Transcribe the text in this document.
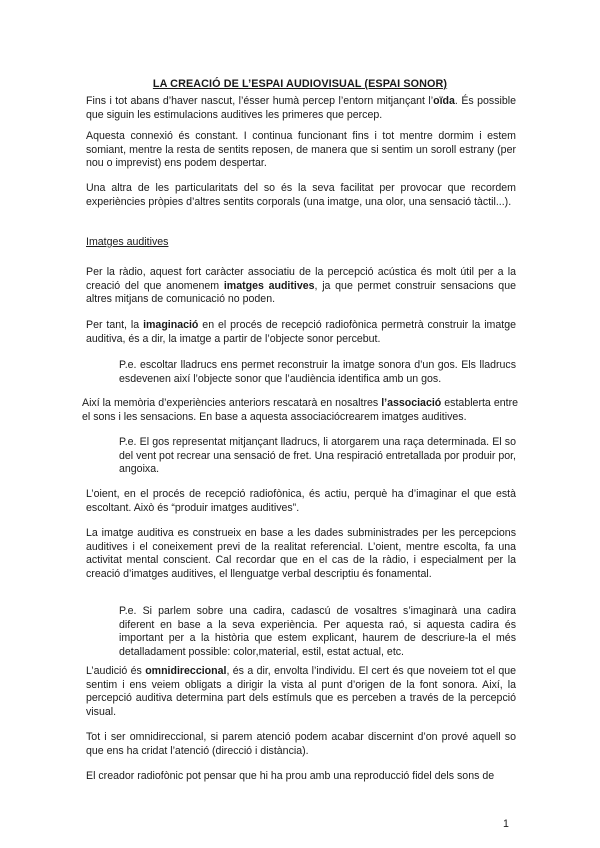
LA CREACIÓ DE L’ESPAI AUDIOVISUAL (ESPAI SONOR)

Fins i tot abans d’haver nascut, l’ésser humà percep l’entorn mitjançant l’oïda. És possible que siguin les estimulacions auditives les primeres que percep.

Aquesta connexió és constant. I continua funcionant fins i tot mentre dormim i estem somiant, mentre la resta de sentits reposen, de manera que si sentim un soroll estrany (per nou o imprevist) ens podem despertar.

Una altra de les particularitats del so és la seva facilitat per provocar que recordem experiències pròpies d’altres sentits corporals (una imatge, una olor, una sensació tàctil...).

Imatges auditives

Per la ràdio, aquest fort caràcter associatiu de la percepció acústica és molt útil per a la creació del que anomenem imatges auditives, ja que permet construir sensacions que altres mitjans de comunicació no poden.

Per tant, la imaginació en el procés de recepció radiofònica permetrà construir la imatge auditiva, és a dir, la imatge a partir de l’objecte sonor percebut.

P.e. escoltar lladrucs ens permet reconstruir la imatge sonora d’un gos. Els lladrucs esdevenen així l’objecte sonor que l’audiència identifica amb un gos.

Així la memòria d’experiències anteriors rescatarà en nosaltres l’associació establerta entre el sons i les sensacions. En base a aquesta associaciócrearem imatges auditives.

P.e. El gos representat mitjançant lladrucs, li atorgarem una raça determinada. El so del vent pot recrear una sensació de fret. Una respiració entretallada por produir por, angoixa.

L’oient, en el procés de recepció radiofònica, és actiu, perquè ha d’imaginar el que està escoltant. Això és “produir imatges auditives”.

La imatge auditiva es construeix en base a les dades subministrades per les percepcions auditives i el coneixement previ de la realitat referencial. L’oient, mentre escolta, fa una activitat mental conscient. Cal recordar que en el cas de la ràdio, i especialment per la creació d’imatges auditives, el llenguatge verbal descriptiu és fonamental.

P.e. Si parlem sobre una cadira, cadascú de vosaltres s’imaginarà una cadira diferent en base a la seva experiència. Per aquesta raó, si aquesta cadira és important per a la història que estem explicant, haurem de descriure-la el més detalladament possible: color,material, estil, estat actual, etc.

L’audició és omnidireccional, és a dir, envolta l’individu. El cert és que noveiem tot el que sentim i ens veiem obligats a dirigir la vista al punt d’origen de la font sonora. Així, la percepció auditiva determina part dels estímuls que es perceben a través de la percepció visual.

Tot i ser omnidireccional, si parem atenció podem acabar discernint d’on prové aquell so que ens ha cridat l’atenció (direcció i distància).

El creador radiofònic pot pensar que hi ha prou amb una reproducció fidel dels sons de

1
